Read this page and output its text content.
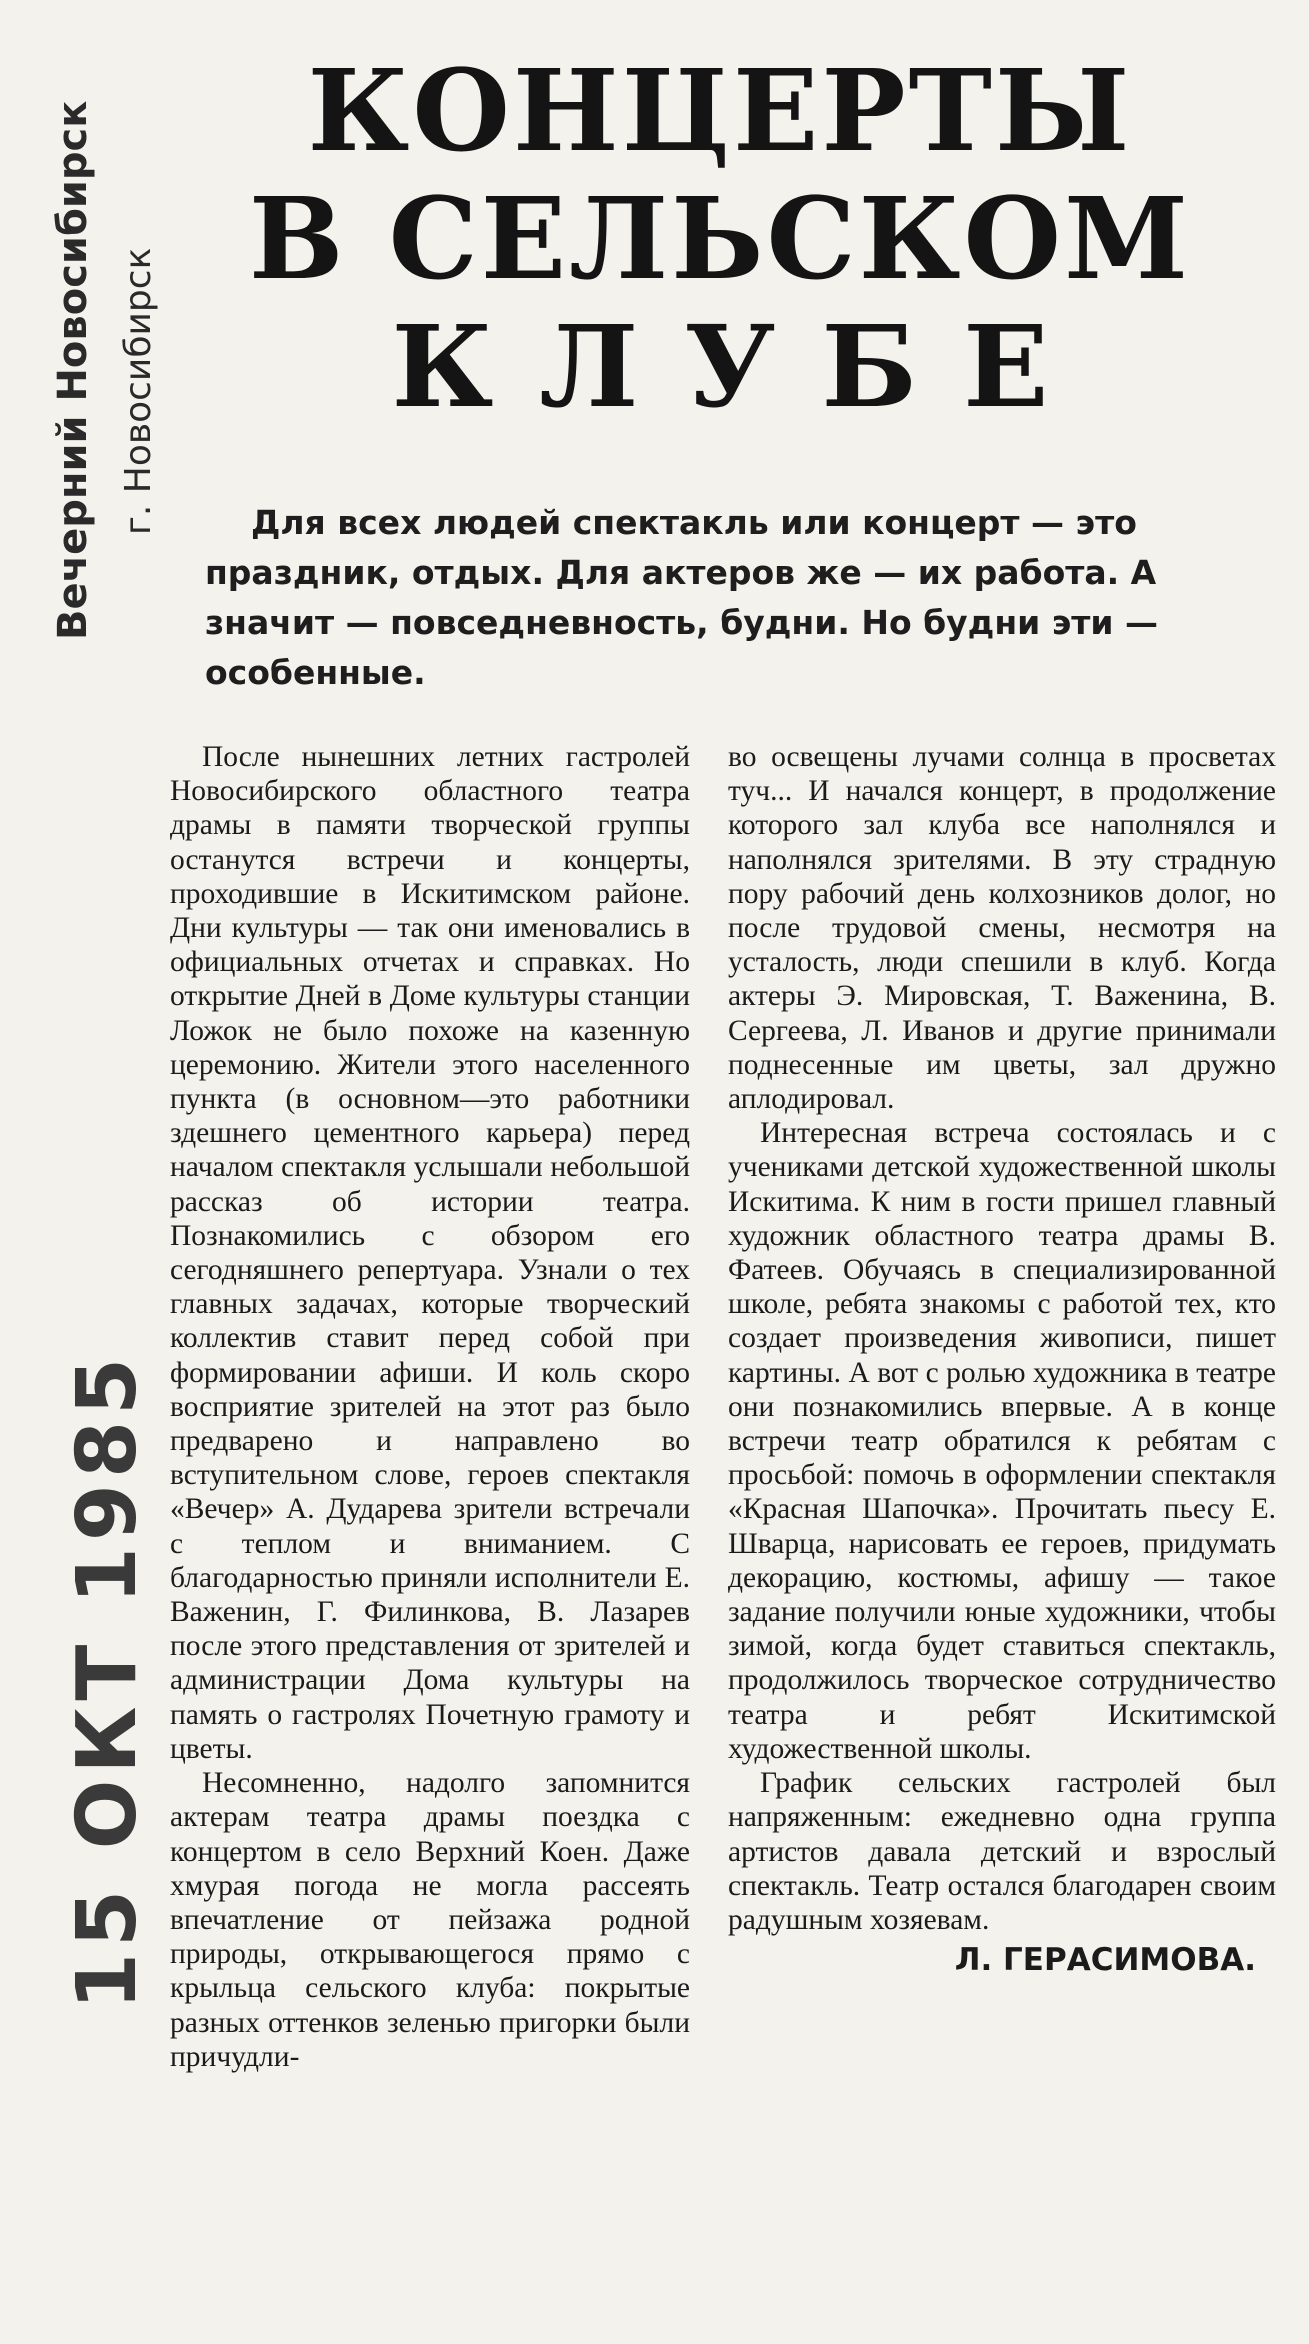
Вечерний Новосибирск г. Новосибирск
15 ОКТ 1985
КОНЦЕРТЫ
В СЕЛЬСКОМ
КЛУБЕ

Для всех людей спектакль или концерт — это праздник, отдых. Для актеров же — их работа. А значит — повседневность, будни. Но будни эти — особенные.

После нынешних летних гастролей Новосибирского областного театра драмы в памяти творческой группы останутся встречи и концерты, проходившие в Искитимском районе. Дни культуры — так они именовались в официальных отчетах и справках. Но открытие Дней в Доме культуры станции Ложок не было похоже на казенную церемонию. Жители этого населенного пункта (в основном—это работники здешнего цементного карьера) перед началом спектакля услышали небольшой рассказ об истории театра. Познакомились с обзором его сегодняшнего репертуара. Узнали о тех главных задачах, которые творческий коллектив ставит перед собой при формировании афиши. И коль скоро восприятие зрителей на этот раз было предварено и направлено во вступительном слове, героев спектакля «Вечер» А. Дударева зрители встречали с теплом и вниманием. С благодарностью приняли исполнители Е. Важенин, Г. Филинкова, В. Лазарев после этого представления от зрителей и администрации Дома культуры на память о гастролях Почетную грамоту и цветы.

Несомненно, надолго запомнится актерам театра драмы поездка с концертом в село Верхний Коен. Даже хмурая погода не могла рассеять впечатление от пейзажа родной природы, открывающегося прямо с крыльца сельского клуба: покрытые разных оттенков зеленью пригорки были причудли-

во освещены лучами солнца в просветах туч... И начался концерт, в продолжение которого зал клуба все наполнялся и наполнялся зрителями. В эту страдную пору рабочий день колхозников долог, но после трудовой смены, несмотря на усталость, люди спешили в клуб. Когда актеры Э. Мировская, Т. Важенина, В. Сергеева, Л. Иванов и другие принимали поднесенные им цветы, зал дружно аплодировал.

Интересная встреча состоялась и с учениками детской художественной школы Искитима. К ним в гости пришел главный художник областного театра драмы В. Фатеев. Обучаясь в специализированной школе, ребята знакомы с работой тех, кто создает произведения живописи, пишет картины. А вот с ролью художника в театре они познакомились впервые. А в конце встречи театр обратился к ребятам с просьбой: помочь в оформлении спектакля «Красная Шапочка». Прочитать пьесу Е. Шварца, нарисовать ее героев, придумать декорацию, костюмы, афишу — такое задание получили юные художники, чтобы зимой, когда будет ставиться спектакль, продолжилось творческое сотрудничество театра и ребят Искитимской художественной школы.

График сельских гастролей был напряженным: ежедневно одна группа артистов давала детский и взрослый спектакль. Театр остался благодарен своим радушным хозяевам.

Л. ГЕРАСИМОВА.
